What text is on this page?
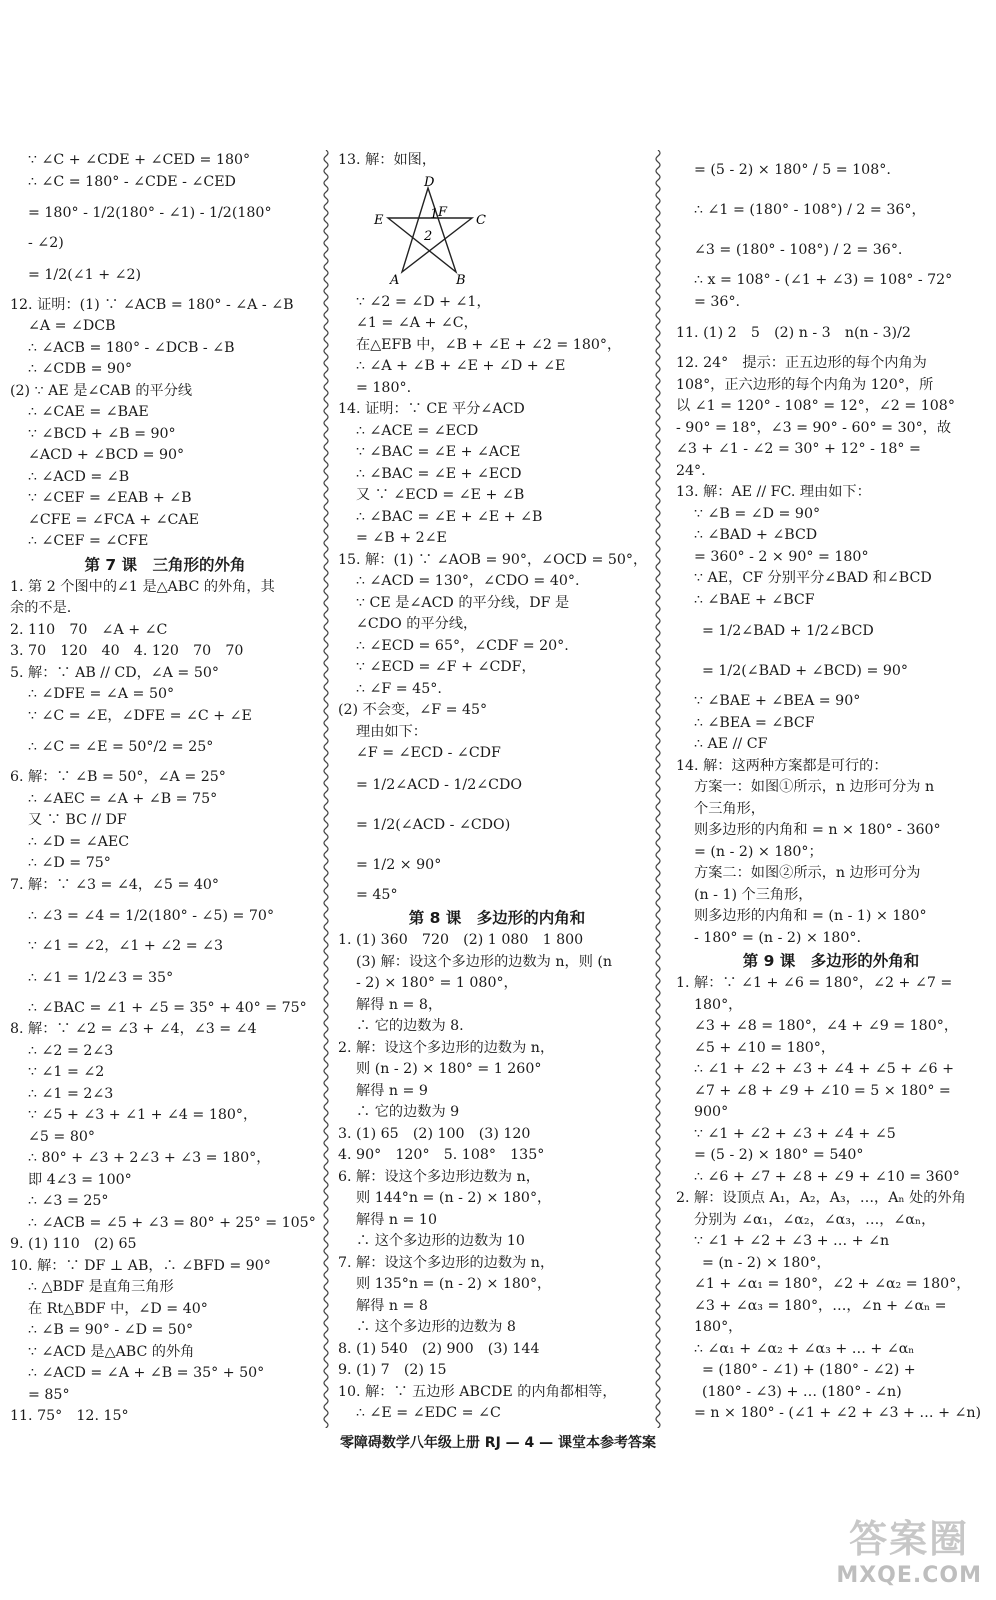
∵ ∠C + ∠CDE + ∠CED = 180°

∴ ∠C = 180° - ∠CDE - ∠CED

= 180° - 1/2(180° - ∠1) - 1/2(180°

- ∠2)

= 1/2(∠1 + ∠2)

12. 证明：(1) ∵ ∠ACB = 180° - ∠A - ∠B

∠A = ∠DCB

∴ ∠ACB = 180° - ∠DCB - ∠B

∴ ∠CDB = 90°

(2) ∵ AE 是∠CAB 的平分线

∴ ∠CAE = ∠BAE

∵ ∠BCD + ∠B = 90°

∠ACD + ∠BCD = 90°

∴ ∠ACD = ∠B

∵ ∠CEF = ∠EAB + ∠B

∠CFE = ∠FCA + ∠CAE

∴ ∠CEF = ∠CFE

第 7 课　三角形的外角

1. 第 2 个图中的∠1 是△ABC 的外角，其

余的不是.

2. 110　70　∠A + ∠C

3. 70　120　40　4. 120　70　70

5. 解：∵ AB // CD，∠A = 50°

∴ ∠DFE = ∠A = 50°

∵ ∠C = ∠E，∠DFE = ∠C + ∠E

∴ ∠C = ∠E = 50°/2 = 25°

6. 解：∵ ∠B = 50°，∠A = 25°

∴ ∠AEC = ∠A + ∠B = 75°

又 ∵ BC // DF

∴ ∠D = ∠AEC

∴ ∠D = 75°

7. 解：∵ ∠3 = ∠4，∠5 = 40°

∴ ∠3 = ∠4 = 1/2(180° - ∠5) = 70°

∵ ∠1 = ∠2，∠1 + ∠2 = ∠3

∴ ∠1 = 1/2∠3 = 35°

∴ ∠BAC = ∠1 + ∠5 = 35° + 40° = 75°

8. 解：∵ ∠2 = ∠3 + ∠4，∠3 = ∠4

∴ ∠2 = 2∠3

∵ ∠1 = ∠2

∴ ∠1 = 2∠3

∵ ∠5 + ∠3 + ∠1 + ∠4 = 180°，

∠5 = 80°

∴ 80° + ∠3 + 2∠3 + ∠3 = 180°，

即 4∠3 = 100°

∴ ∠3 = 25°

∴ ∠ACB = ∠5 + ∠3 = 80° + 25° = 105°

9. (1) 110　(2) 65

10. 解：∵ DF ⊥ AB，∴ ∠BFD = 90°

∴ △BDF 是直角三角形

在 Rt△BDF 中，∠D = 40°

∴ ∠B = 90° - ∠D = 50°

∵ ∠ACD 是△ABC 的外角

∴ ∠ACD = ∠A + ∠B = 35° + 50°

= 85°

11. 75°　12. 15°

13. 解：如图，

D
E
F
C
1
2
A	B

∵ ∠2 = ∠D + ∠1，

∠1 = ∠A + ∠C，

在△EFB 中，∠B + ∠E + ∠2 = 180°，

∴ ∠A + ∠B + ∠E + ∠D + ∠E

= 180°.

14. 证明：∵ CE 平分∠ACD

∴ ∠ACE = ∠ECD

∵ ∠BAC = ∠E + ∠ACE

∴ ∠BAC = ∠E + ∠ECD

又 ∵ ∠ECD = ∠E + ∠B

∴ ∠BAC = ∠E + ∠E + ∠B

= ∠B + 2∠E

15. 解：(1) ∵ ∠AOB = 90°，∠OCD = 50°，

∴ ∠ACD = 130°，∠CDO = 40°.

∵ CE 是∠ACD 的平分线，DF 是

∠CDO 的平分线，

∴ ∠ECD = 65°，∠CDF = 20°.

∵ ∠ECD = ∠F + ∠CDF，

∴ ∠F = 45°.

(2) 不会变，∠F = 45°

理由如下：

∠F = ∠ECD - ∠CDF

= 1/2∠ACD - 1/2∠CDO

= 1/2(∠ACD - ∠CDO)

= 1/2 × 90°

= 45°

第 8 课　多边形的内角和

1. (1) 360　720　(2) 1 080　1 800

(3) 解：设这个多边形的边数为 n，则 (n

- 2) × 180° = 1 080°，

解得 n = 8，

∴ 它的边数为 8.

2. 解：设这个多边形的边数为 n，

则 (n - 2) × 180° = 1 260°

解得 n = 9

∴ 它的边数为 9

3. (1) 65　(2) 100　(3) 120

4. 90°　120°　5. 108°　135°

6. 解：设这个多边形边数为 n，

则 144°n = (n - 2) × 180°，

解得 n = 10

∴ 这个多边形的边数为 10

7. 解：设这个多边形的边数为 n，

则 135°n = (n - 2) × 180°，

解得 n = 8

∴ 这个多边形的边数为 8

8. (1) 540　(2) 900　(3) 144

9. (1) 7　(2) 15

10. 解：∵ 五边形 ABCDE 的内角都相等，

∴ ∠E = ∠EDC = ∠C

= (5 - 2) × 180° / 5 = 108°.

∴ ∠1 = (180° - 108°) / 2 = 36°，

∠3 = (180° - 108°) / 2 = 36°.

∴ x = 108° - (∠1 + ∠3) = 108° - 72°

= 36°.

11. (1) 2　5　(2) n - 3　n(n - 3)/2

12. 24°　提示：正五边形的每个内角为

108°，正六边形的每个内角为 120°，所

以 ∠1 = 120° - 108° = 12°，∠2 = 108°

- 90° = 18°，∠3 = 90° - 60° = 30°，故

∠3 + ∠1 - ∠2 = 30° + 12° - 18° =

24°.

13. 解：AE // FC. 理由如下：

∵ ∠B = ∠D = 90°

∴ ∠BAD + ∠BCD

= 360° - 2 × 90° = 180°

∵ AE，CF 分别平分∠BAD 和∠BCD

∴ ∠BAE + ∠BCF

= 1/2∠BAD + 1/2∠BCD

= 1/2(∠BAD + ∠BCD) = 90°

∵ ∠BAE + ∠BEA = 90°

∴ ∠BEA = ∠BCF

∴ AE // CF

14. 解：这两种方案都是可行的：

方案一：如图①所示，n 边形可分为 n

个三角形，

则多边形的内角和 = n × 180° - 360°

= (n - 2) × 180°；

方案二：如图②所示，n 边形可分为

(n - 1) 个三角形，

则多边形的内角和 = (n - 1) × 180°

- 180° = (n - 2) × 180°.

第 9 课　多边形的外角和

1. 解：∵ ∠1 + ∠6 = 180°，∠2 + ∠7 =

180°，

∠3 + ∠8 = 180°，∠4 + ∠9 = 180°，

∠5 + ∠10 = 180°，

∴ ∠1 + ∠2 + ∠3 + ∠4 + ∠5 + ∠6 +

∠7 + ∠8 + ∠9 + ∠10 = 5 × 180° =

900°

∵ ∠1 + ∠2 + ∠3 + ∠4 + ∠5

= (5 - 2) × 180° = 540°

∴ ∠6 + ∠7 + ∠8 + ∠9 + ∠10 = 360°

2. 解：设顶点 A₁，A₂，A₃，…，Aₙ 处的外角

分别为 ∠α₁，∠α₂，∠α₃，…，∠αₙ，

∵ ∠1 + ∠2 + ∠3 + … + ∠n

= (n - 2) × 180°，

∠1 + ∠α₁ = 180°，∠2 + ∠α₂ = 180°，

∠3 + ∠α₃ = 180°，…，∠n + ∠αₙ =

180°，

∴ ∠α₁ + ∠α₂ + ∠α₃ + … + ∠αₙ

= (180° - ∠1) + (180° - ∠2) +

(180° - ∠3) + … (180° - ∠n)

= n × 180° - (∠1 + ∠2 + ∠3 + … + ∠n)

零障碍数学八年级上册 RJ — 4 — 课堂本参考答案
答案圈
MXQE.COM
